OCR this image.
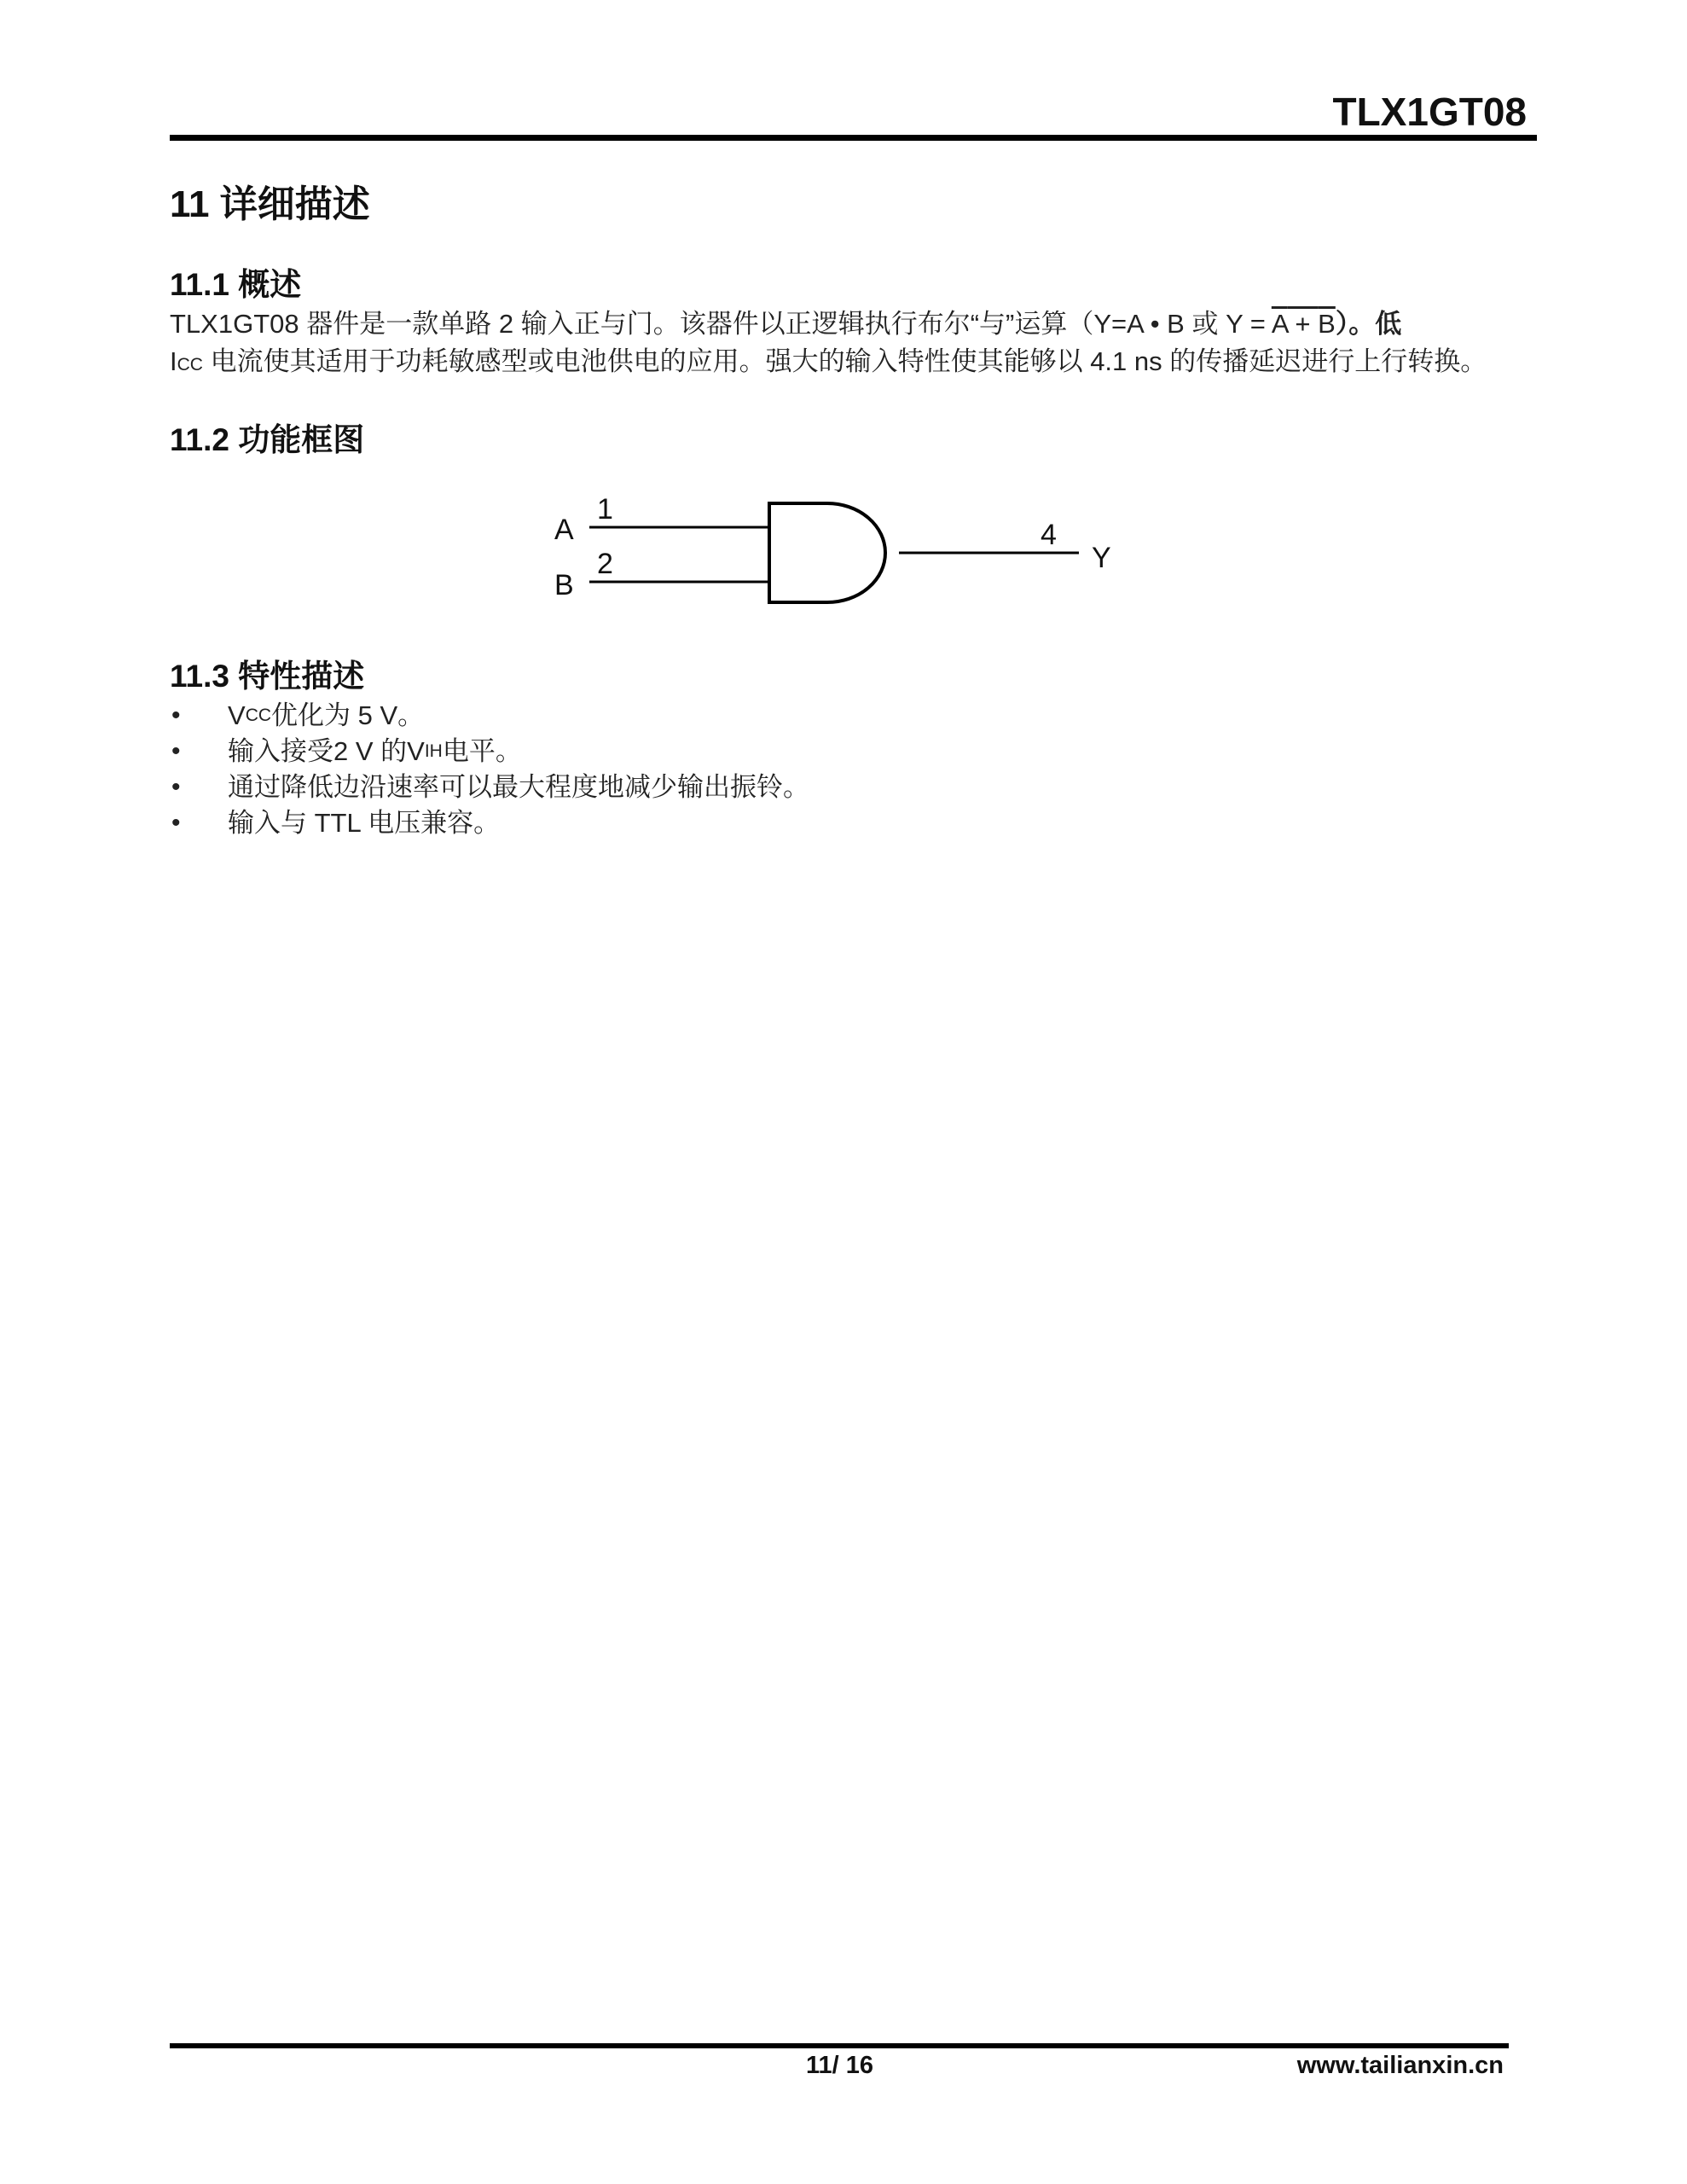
TLX1GT08
11 详细描述
11.1 概述
TLX1GT08 器件是一款单路 2 输入正与门。该器件以正逻辑执行布尔“与”运算（Y=A • B 或 Y = A + B）。低
ICC 电流使其适用于功耗敏感型或电池供电的应用。强大的输入特性使其能够以 4.1 ns 的传播延迟进行上行转换。
11.2 功能框图
A
1
B
2
4
Y
11.3 特性描述
•	V CC 优化为 5 V。
•	输入接受2 V 的V IH 电平。
•	通过降低边沿速率可以最大程度地减少输出振铃。
•	输入与 TTL 电压兼容。
11/ 16	www.tailianxin.cn
